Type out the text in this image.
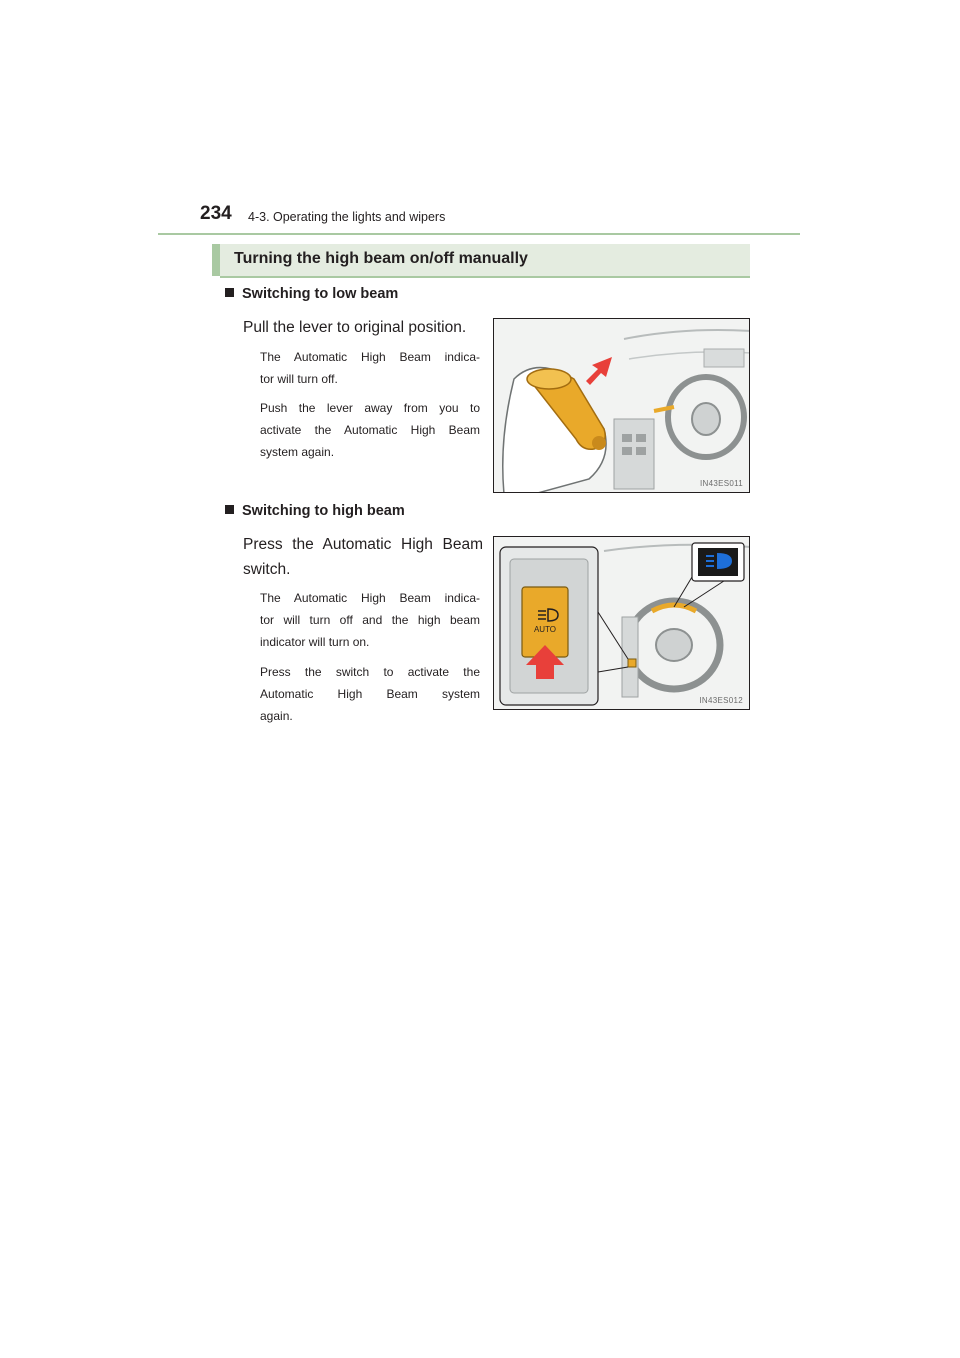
234 4-3. Operating the lights and wipers
Turning the high beam on/off manually
Switching to low beam
Pull the lever to original position.
The Automatic High Beam indica-
tor will turn off.
Push the lever away from you to
activate the Automatic High Beam
system again.
IN43ES011
Switching to high beam
Press the Automatic High Beam
switch.
The Automatic High Beam indica-
tor will turn off and the high beam
indicator will turn on.
Press the switch to activate the
Automatic High Beam system
again.
AUTO
IN43ES012
